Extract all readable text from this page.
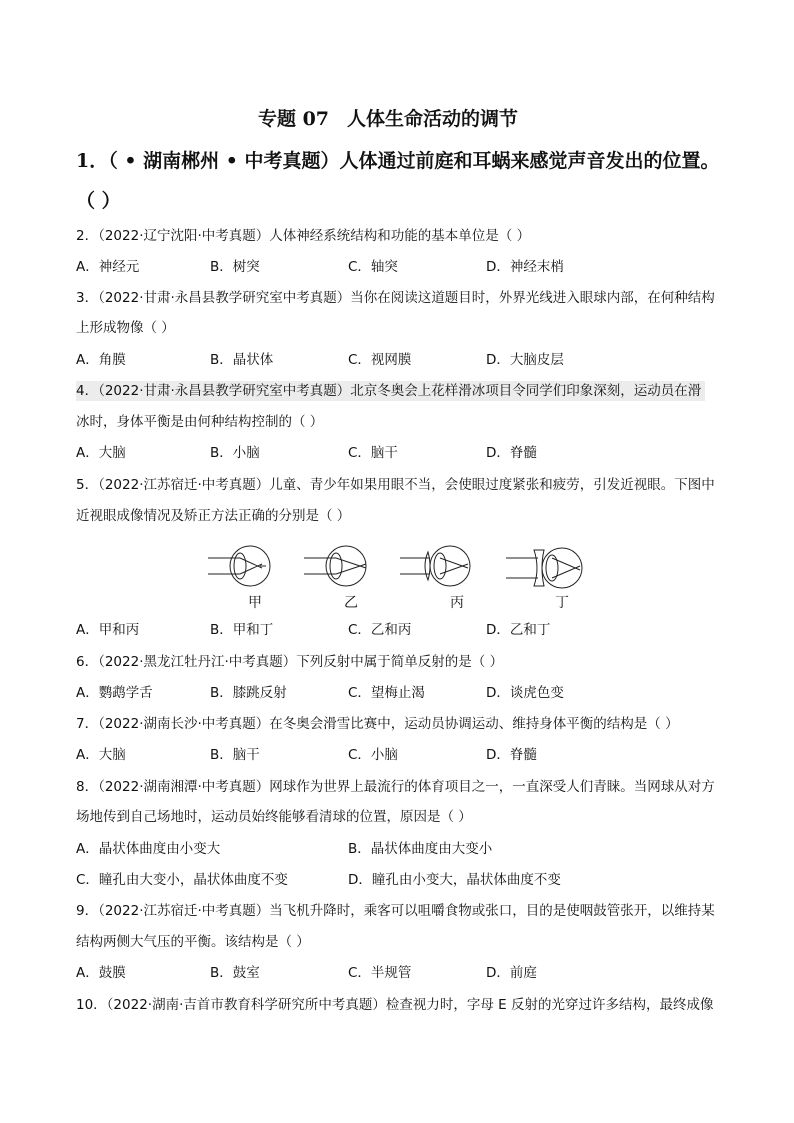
专题 07 人体生命活动的调节
1．（ • 湖南郴州 • 中考真题）人体通过前庭和耳蜗来感觉声音发出的位置。
（ ）
2．（2022·辽宁沈阳·中考真题）人体神经系统结构和功能的基本单位是（ ）
A．神经元	B．树突	C．轴突	D．神经末梢
3．（2022·甘肃·永昌县教学研究室中考真题）当你在阅读这道题目时，外界光线进入眼球内部，在何种结构
上形成物像（ ）
A．角膜	B．晶状体	C．视网膜	D．大脑皮层
4．（2022·甘肃·永昌县教学研究室中考真题）北京冬奥会上花样滑冰项目令同学们印象深刻，运动员在滑
冰时，身体平衡是由何种结构控制的（ ）
A．大脑	B．小脑	C．脑干	D．脊髓
5．（2022·江苏宿迁·中考真题）儿童、青少年如果用眼不当，会使眼过度紧张和疲劳，引发近视眼。下图中
近视眼成像情况及矫正方法正确的分别是（ ）
甲	乙	丙	丁
A．甲和丙	B．甲和丁	C．乙和丙	D．乙和丁
6．（2022·黑龙江牡丹江·中考真题）下列反射中属于简单反射的是（ ）
A．鹦鹉学舌	B．膝跳反射	C．望梅止渴	D．谈虎色变
7．（2022·湖南长沙·中考真题）在冬奥会滑雪比赛中，运动员协调运动、维持身体平衡的结构是（ ）
A．大脑	B．脑干	C．小脑	D．脊髓
8．（2022·湖南湘潭·中考真题）网球作为世界上最流行的体育项目之一，一直深受人们青睐。当网球从对方
场地传到自己场地时，运动员始终能够看清球的位置，原因是（ ）
A．晶状体曲度由小变大	B．晶状体曲度由大变小
C．瞳孔由大变小，晶状体曲度不变	D．瞳孔由小变大，晶状体曲度不变
9．（2022·江苏宿迁·中考真题）当飞机升降时，乘客可以咀嚼食物或张口，目的是使咽鼓管张开，以维持某
结构两侧大气压的平衡。该结构是（ ）
A．鼓膜	B．鼓室	C．半规管	D．前庭
10．（2022·湖南·吉首市教育科学研究所中考真题）检查视力时，字母 E 反射的光穿过许多结构，最终成像
